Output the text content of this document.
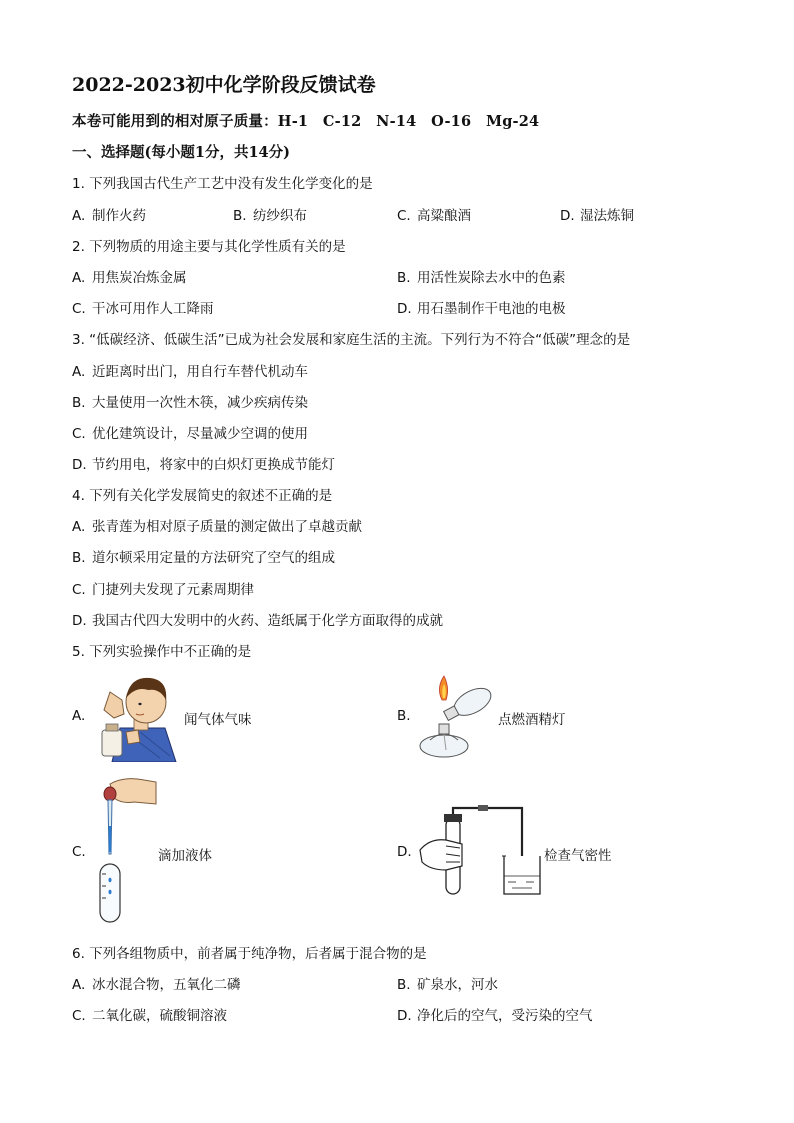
2022-2023初中化学阶段反馈试卷
本卷可能用到的相对原子质量：H-1　C-12　N-14　O-16　Mg-24
一、选择题(每小题1分，共14分)
1. 下列我国古代生产工艺中没有发生化学变化的是
A. 制作火药	B. 纺纱织布	C. 高粱酿酒	D. 湿法炼铜
2. 下列物质的用途主要与其化学性质有关的是
A. 用焦炭冶炼金属	B. 用活性炭除去水中的色素
C. 干冰可用作人工降雨	D. 用石墨制作干电池的电极
3. “低碳经济、低碳生活”已成为社会发展和家庭生活的主流。下列行为不符合“低碳”理念的是
A. 近距离时出门，用自行车替代机动车
B. 大量使用一次性木筷，减少疾病传染
C. 优化建筑设计，尽量减少空调的使用
D. 节约用电，将家中的白炽灯更换成节能灯
4. 下列有关化学发展简史的叙述不正确的是
A. 张青莲为相对原子质量的测定做出了卓越贡献
B. 道尔顿采用定量的方法研究了空气的组成
C. 门捷列夫发现了元素周期律
D. 我国古代四大发明中的火药、造纸属于化学方面取得的成就
5. 下列实验操作中不正确的是
A.	闻气体气味	B.	点燃酒精灯
C.	滴加液体	D.	检查气密性
6. 下列各组物质中，前者属于纯净物，后者属于混合物的是
A. 冰水混合物，五氧化二磷	B. 矿泉水，河水
C. 二氧化碳，硫酸铜溶液	D. 净化后的空气，受污染的空气
